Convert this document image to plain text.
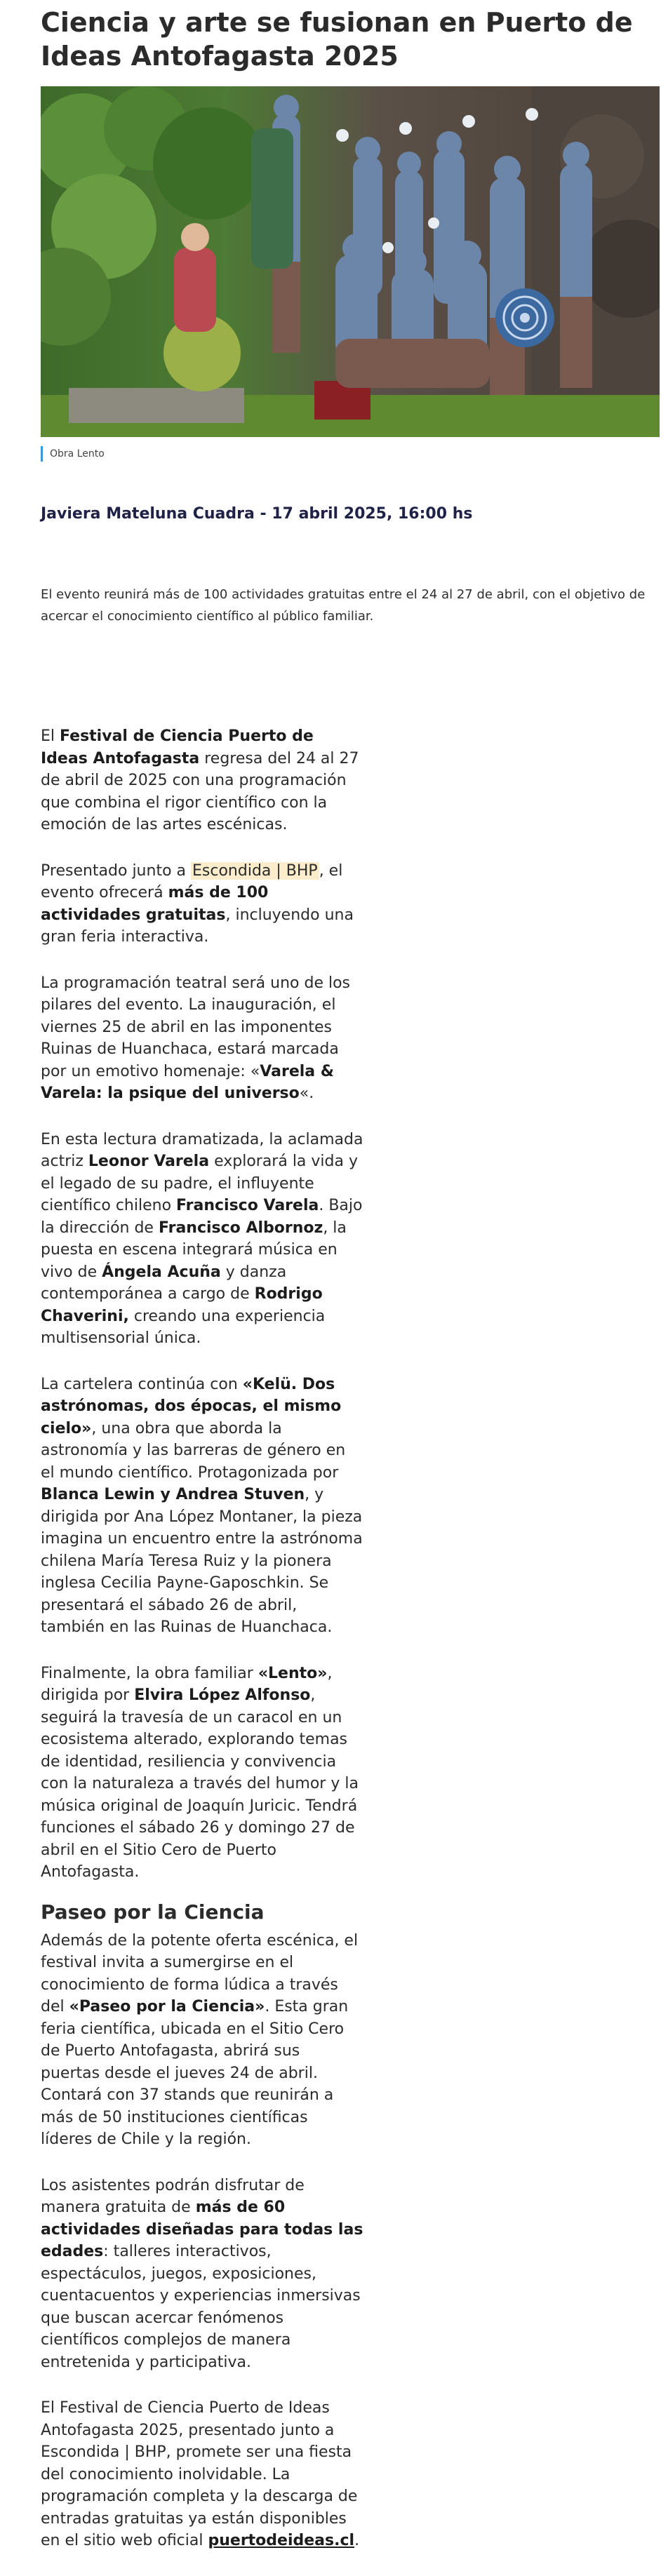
Ciencia y arte se fusionan en Puerto de Ideas Antofagasta 2025
Obra Lento
Javiera Mateluna Cuadra - 17 abril 2025, 16:00 hs

El evento reunirá más de 100 actividades gratuitas entre el 24 al 27 de abril, con el objetivo de acercar el conocimiento científico al público familiar.

El Festival de Ciencia Puerto de Ideas Antofagasta regresa del 24 al 27 de abril de 2025 con una programación que combina el rigor científico con la emoción de las artes escénicas.

Presentado junto a Escondida | BHP, el evento ofrecerá más de 100 actividades gratuitas, incluyendo una gran feria interactiva.

La programación teatral será uno de los pilares del evento. La inauguración, el viernes 25 de abril en las imponentes Ruinas de Huanchaca, estará marcada por un emotivo homenaje: «Varela & Varela: la psique del universo«.

En esta lectura dramatizada, la aclamada actriz Leonor Varela explorará la vida y el legado de su padre, el influyente científico chileno Francisco Varela. Bajo la dirección de Francisco Albornoz, la puesta en escena integrará música en vivo de Ángela Acuña y danza contemporánea a cargo de Rodrigo Chaverini, creando una experiencia multisensorial única.

La cartelera continúa con «Kelü. Dos astrónomas, dos épocas, el mismo cielo», una obra que aborda la astronomía y las barreras de género en el mundo científico. Protagonizada por Blanca Lewin y Andrea Stuven, y dirigida por Ana López Montaner, la pieza imagina un encuentro entre la astrónoma chilena María Teresa Ruiz y la pionera inglesa Cecilia Payne-Gaposchkin. Se presentará el sábado 26 de abril, también en las Ruinas de Huanchaca.

Finalmente, la obra familiar «Lento», dirigida por Elvira López Alfonso, seguirá la travesía de un caracol en un ecosistema alterado, explorando temas de identidad, resiliencia y convivencia con la naturaleza a través del humor y la música original de Joaquín Juricic. Tendrá funciones el sábado 26 y domingo 27 de abril en el Sitio Cero de Puerto Antofagasta.

Paseo por la Ciencia

Además de la potente oferta escénica, el festival invita a sumergirse en el conocimiento de forma lúdica a través del «Paseo por la Ciencia». Esta gran feria científica, ubicada en el Sitio Cero de Puerto Antofagasta, abrirá sus puertas desde el jueves 24 de abril. Contará con 37 stands que reunirán a más de 50 instituciones científicas líderes de Chile y la región.

Los asistentes podrán disfrutar de manera gratuita de más de 60 actividades diseñadas para todas las edades: talleres interactivos, espectáculos, juegos, exposiciones, cuentacuentos y experiencias inmersivas que buscan acercar fenómenos científicos complejos de manera entretenida y participativa.

El Festival de Ciencia Puerto de Ideas Antofagasta 2025, presentado junto a Escondida | BHP, promete ser una fiesta del conocimiento inolvidable. La programación completa y la descarga de entradas gratuitas ya están disponibles en el sitio web oficial puertodeideas.cl.
